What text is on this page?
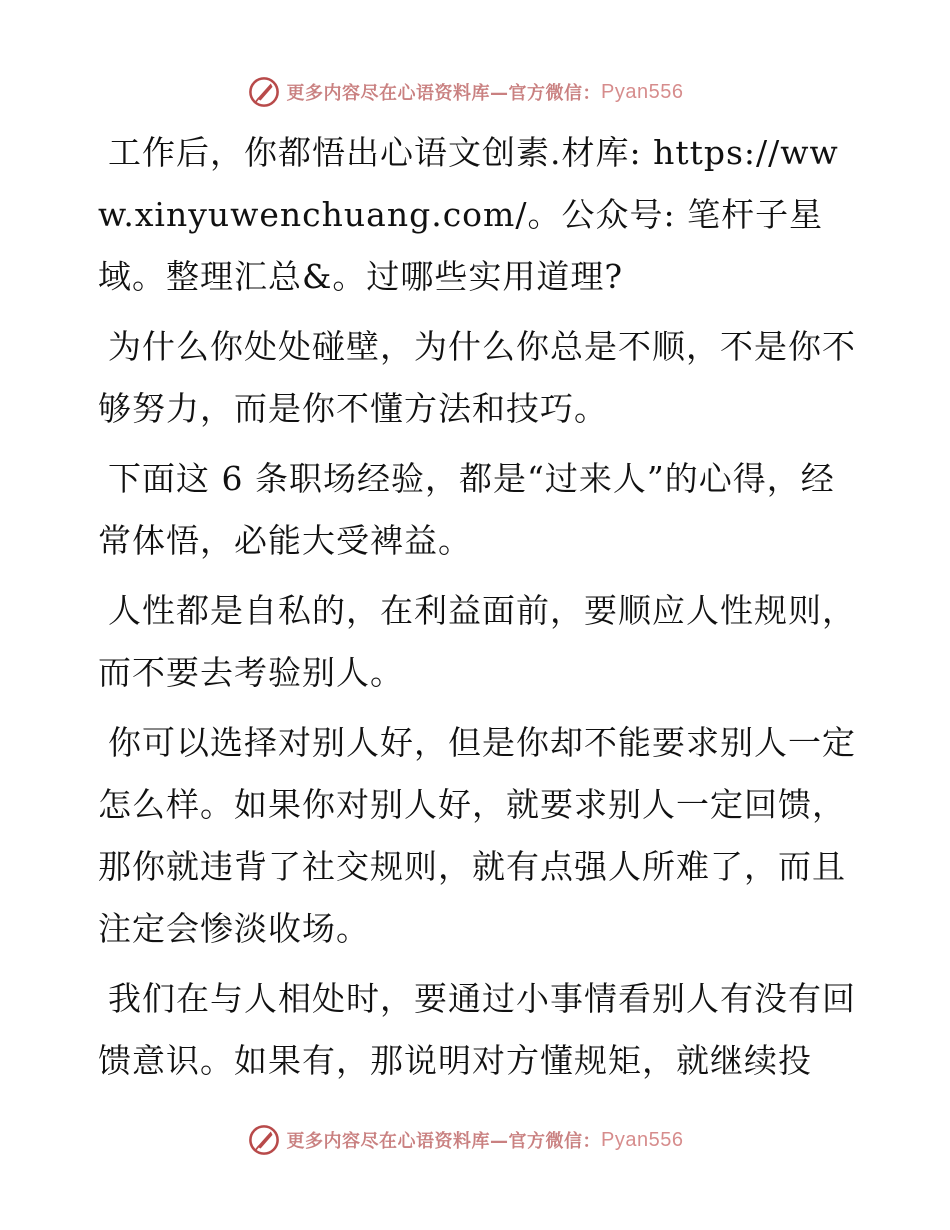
更多内容尽在心语资料库—官方微信： Pyan556

工作后，你都悟出心语文创素.材库: https://www.xinyuwenchuang.com/。公众号: 笔杆子星域。整理汇总&。过哪些实用道理?

为什么你处处碰壁，为什么你总是不顺，不是你不够努力，而是你不懂方法和技巧。

下面这 6 条职场经验，都是“过来人”的心得，经常体悟，必能大受裨益。

人性都是自私的，在利益面前，要顺应人性规则，而不要去考验别人。

你可以选择对别人好，但是你却不能要求别人一定怎么样。如果你对别人好，就要求别人一定回馈，那你就违背了社交规则，就有点强人所难了，而且注定会惨淡收场。

我们在与人相处时，要通过小事情看别人有没有回馈意识。如果有，那说明对方懂规矩，就继续投

更多内容尽在心语资料库—官方微信： Pyan556
